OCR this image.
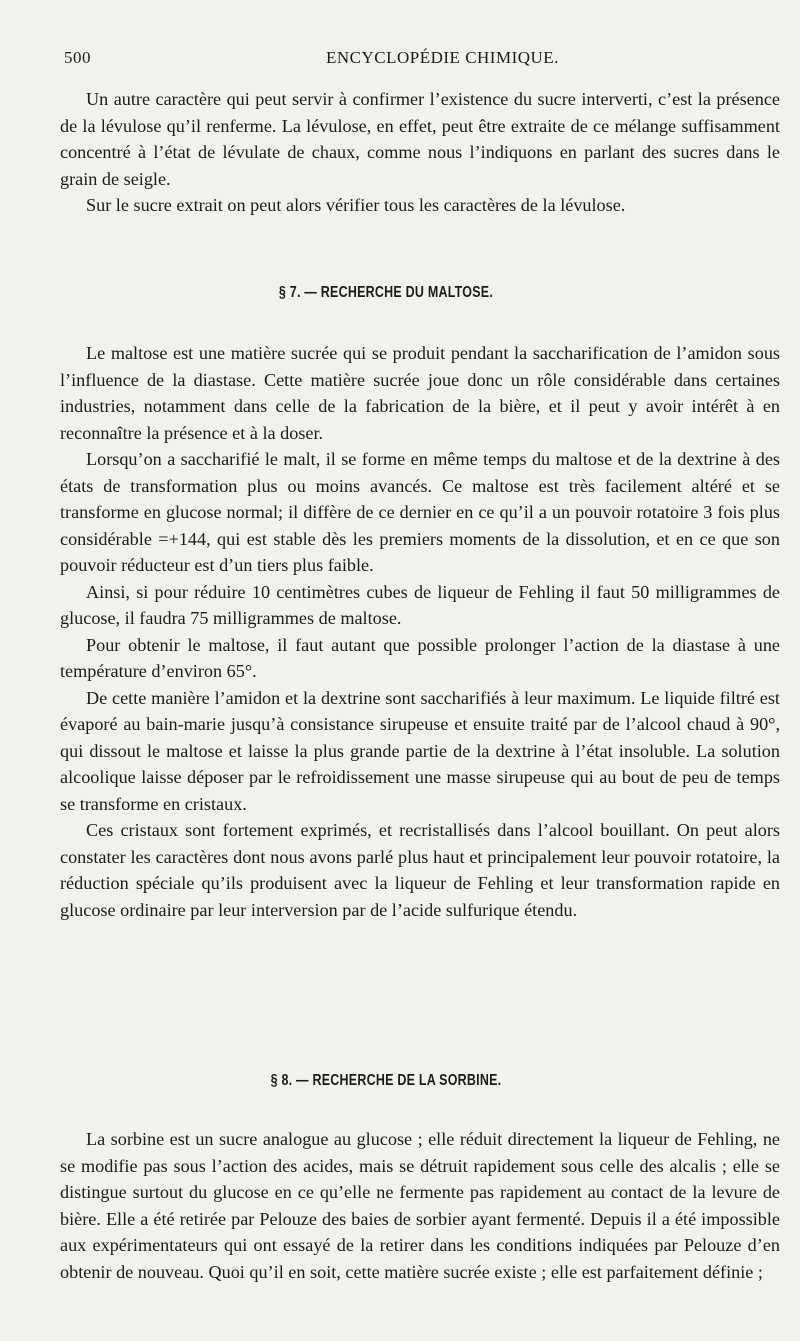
500	ENCYCLOPÉDIE CHIMIQUE.

Un autre caractère qui peut servir à confirmer l’existence du sucre interverti, c’est la présence de la lévulose qu’il renferme. La lévulose, en effet, peut être extraite de ce mélange suffisamment concentré à l’état de lévulate de chaux, comme nous l’indiquons en parlant des sucres dans le grain de seigle.

Sur le sucre extrait on peut alors vérifier tous les caractères de la lévulose.

§ 7. — RECHERCHE DU MALTOSE.

Le maltose est une matière sucrée qui se produit pendant la saccharification de l’amidon sous l’influence de la diastase. Cette matière sucrée joue donc un rôle considérable dans certaines industries, notamment dans celle de la fabrication de la bière, et il peut y avoir intérêt à en reconnaître la présence et à la doser.

Lorsqu’on a saccharifié le malt, il se forme en même temps du maltose et de la dextrine à des états de transformation plus ou moins avancés. Ce maltose est très facilement altéré et se transforme en glucose normal; il diffère de ce dernier en ce qu’il a un pouvoir rotatoire 3 fois plus considérable =+144, qui est stable dès les premiers moments de la dissolution, et en ce que son pouvoir réducteur est d’un tiers plus faible.

Ainsi, si pour réduire 10 centimètres cubes de liqueur de Fehling il faut 50 milligrammes de glucose, il faudra 75 milligrammes de maltose.

Pour obtenir le maltose, il faut autant que possible prolonger l’action de la diastase à une température d’environ 65°.

De cette manière l’amidon et la dextrine sont saccharifiés à leur maximum. Le liquide filtré est évaporé au bain-marie jusqu’à consistance sirupeuse et ensuite traité par de l’alcool chaud à 90°, qui dissout le maltose et laisse la plus grande partie de la dextrine à l’état insoluble. La solution alcoolique laisse déposer par le refroidissement une masse sirupeuse qui au bout de peu de temps se transforme en cristaux.

Ces cristaux sont fortement exprimés, et recristallisés dans l’alcool bouillant. On peut alors constater les caractères dont nous avons parlé plus haut et principalement leur pouvoir rotatoire, la réduction spéciale qu’ils produisent avec la liqueur de Fehling et leur transformation rapide en glucose ordinaire par leur interversion par de l’acide sulfurique étendu.

§ 8. — RECHERCHE DE LA SORBINE.

La sorbine est un sucre analogue au glucose ; elle réduit directement la liqueur de Fehling, ne se modifie pas sous l’action des acides, mais se détruit rapidement sous celle des alcalis ; elle se distingue surtout du glucose en ce qu’elle ne fermente pas rapidement au contact de la levure de bière. Elle a été retirée par Pelouze des baies de sorbier ayant fermenté. Depuis il a été impossible aux expérimentateurs qui ont essayé de la retirer dans les conditions indiquées par Pelouze d’en obtenir de nouveau. Quoi qu’il en soit, cette matière sucrée existe ; elle est parfaitement définie ;
